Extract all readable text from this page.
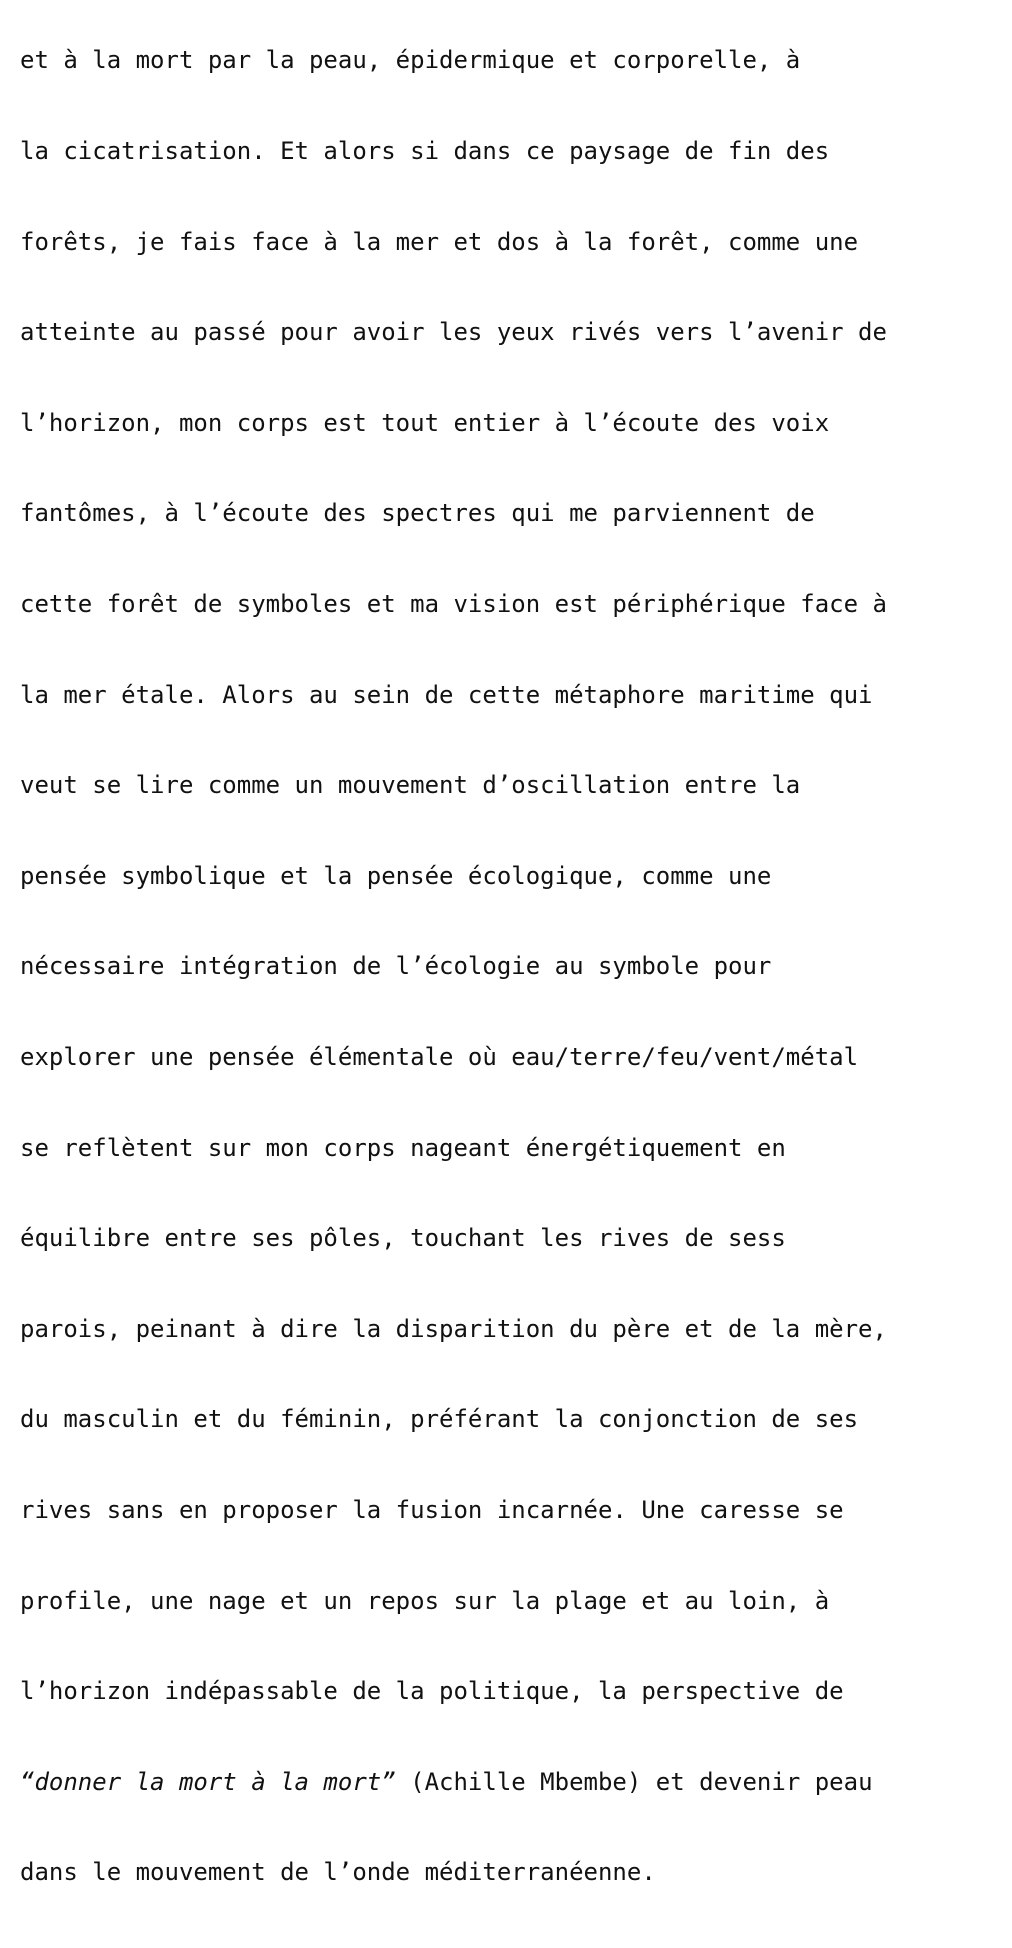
et à la mort par la peau, épidermique et corporelle, à

la cicatrisation. Et alors si dans ce paysage de fin des

forêts, je fais face à la mer et dos à la forêt, comme une

atteinte au passé pour avoir les yeux rivés vers l’avenir de

l’horizon, mon corps est tout entier à l’écoute des voix

fantômes, à l’écoute des spectres qui me parviennent de

cette forêt de symboles et ma vision est périphérique face à

la mer étale. Alors au sein de cette métaphore maritime qui

veut se lire comme un mouvement d’oscillation entre la

pensée symbolique et la pensée écologique, comme une

nécessaire intégration de l’écologie au symbole pour

explorer une pensée élémentale où eau/terre/feu/vent/métal

se reflètent sur mon corps nageant énergétiquement en

équilibre entre ses pôles, touchant les rives de sess

parois, peinant à dire la disparition du père et de la mère,

du masculin et du féminin, préférant la conjonction de ses

rives sans en proposer la fusion incarnée. Une caresse se

profile, une nage et un repos sur la plage et au loin, à

l’horizon indépassable de la politique, la perspective de

“donner la mort à la mort” (Achille Mbembe) et devenir peau

dans le mouvement de l’onde méditerranéenne.
